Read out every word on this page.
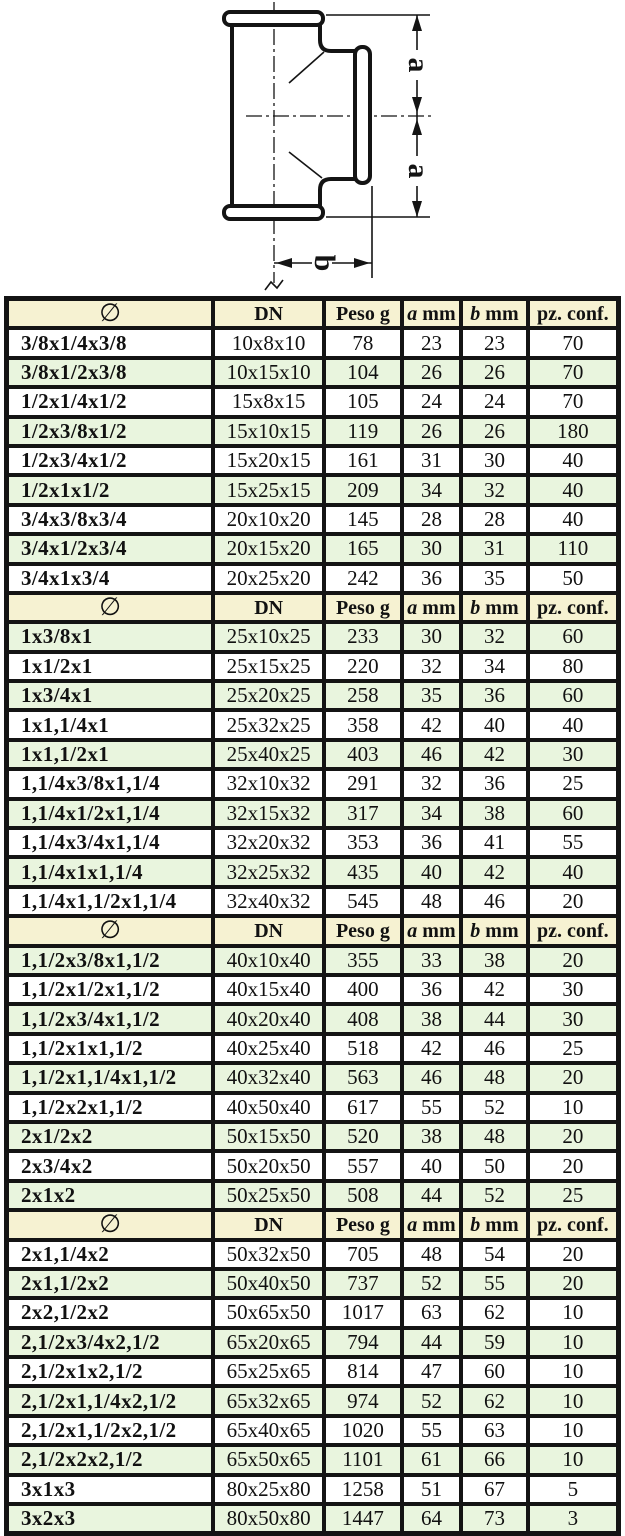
a
a
b
∅	DN	Peso g	a mm	b mm	pz. conf.
3/8x1/4x3/8	10x8x10	78	23	23	70
3/8x1/2x3/8	10x15x10	104	26	26	70
1/2x1/4x1/2	15x8x15	105	24	24	70
1/2x3/8x1/2	15x10x15	119	26	26	180
1/2x3/4x1/2	15x20x15	161	31	30	40
1/2x1x1/2	15x25x15	209	34	32	40
3/4x3/8x3/4	20x10x20	145	28	28	40
3/4x1/2x3/4	20x15x20	165	30	31	110
3/4x1x3/4	20x25x20	242	36	35	50
∅	DN	Peso g	a mm	b mm	pz. conf.
1x3/8x1	25x10x25	233	30	32	60
1x1/2x1	25x15x25	220	32	34	80
1x3/4x1	25x20x25	258	35	36	60
1x1,1/4x1	25x32x25	358	42	40	40
1x1,1/2x1	25x40x25	403	46	42	30
1,1/4x3/8x1,1/4	32x10x32	291	32	36	25
1,1/4x1/2x1,1/4	32x15x32	317	34	38	60
1,1/4x3/4x1,1/4	32x20x32	353	36	41	55
1,1/4x1x1,1/4	32x25x32	435	40	42	40
1,1/4x1,1/2x1,1/4	32x40x32	545	48	46	20
∅	DN	Peso g	a mm	b mm	pz. conf.
1,1/2x3/8x1,1/2	40x10x40	355	33	38	20
1,1/2x1/2x1,1/2	40x15x40	400	36	42	30
1,1/2x3/4x1,1/2	40x20x40	408	38	44	30
1,1/2x1x1,1/2	40x25x40	518	42	46	25
1,1/2x1,1/4x1,1/2	40x32x40	563	46	48	20
1,1/2x2x1,1/2	40x50x40	617	55	52	10
2x1/2x2	50x15x50	520	38	48	20
2x3/4x2	50x20x50	557	40	50	20
2x1x2	50x25x50	508	44	52	25
∅	DN	Peso g	a mm	b mm	pz. conf.
2x1,1/4x2	50x32x50	705	48	54	20
2x1,1/2x2	50x40x50	737	52	55	20
2x2,1/2x2	50x65x50	1017	63	62	10
2,1/2x3/4x2,1/2	65x20x65	794	44	59	10
2,1/2x1x2,1/2	65x25x65	814	47	60	10
2,1/2x1,1/4x2,1/2	65x32x65	974	52	62	10
2,1/2x1,1/2x2,1/2	65x40x65	1020	55	63	10
2,1/2x2x2,1/2	65x50x65	1101	61	66	10
3x1x3	80x25x80	1258	51	67	5
3x2x3	80x50x80	1447	64	73	3
